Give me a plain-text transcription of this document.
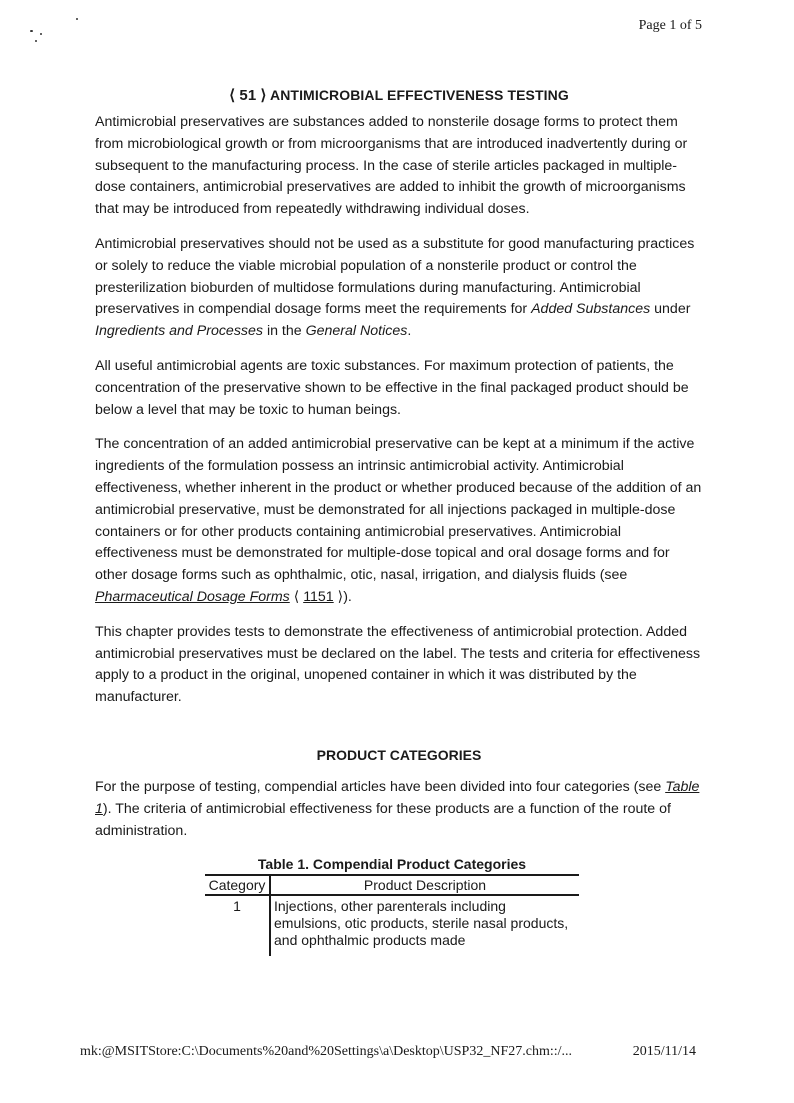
Page 1 of 5
⟨ 51 ⟩ ANTIMICROBIAL EFFECTIVENESS TESTING

Antimicrobial preservatives are substances added to nonsterile dosage forms to protect them from microbiological growth or from microorganisms that are introduced inadvertently during or subsequent to the manufacturing process. In the case of sterile articles packaged in multiple-dose containers, antimicrobial preservatives are added to inhibit the growth of microorganisms that may be introduced from repeatedly withdrawing individual doses.

Antimicrobial preservatives should not be used as a substitute for good manufacturing practices or solely to reduce the viable microbial population of a nonsterile product or control the presterilization bioburden of multidose formulations during manufacturing. Antimicrobial preservatives in compendial dosage forms meet the requirements for Added Substances under Ingredients and Processes in the General Notices.

All useful antimicrobial agents are toxic substances. For maximum protection of patients, the concentration of the preservative shown to be effective in the final packaged product should be below a level that may be toxic to human beings.

The concentration of an added antimicrobial preservative can be kept at a minimum if the active ingredients of the formulation possess an intrinsic antimicrobial activity. Antimicrobial effectiveness, whether inherent in the product or whether produced because of the addition of an antimicrobial preservative, must be demonstrated for all injections packaged in multiple-dose containers or for other products containing antimicrobial preservatives. Antimicrobial effectiveness must be demonstrated for multiple-dose topical and oral dosage forms and for other dosage forms such as ophthalmic, otic, nasal, irrigation, and dialysis fluids (see Pharmaceutical Dosage Forms ⟨ 1151 ⟩).

This chapter provides tests to demonstrate the effectiveness of antimicrobial protection. Added antimicrobial preservatives must be declared on the label. The tests and criteria for effectiveness apply to a product in the original, unopened container in which it was distributed by the manufacturer.

PRODUCT CATEGORIES

For the purpose of testing, compendial articles have been divided into four categories (see Table 1). The criteria of antimicrobial effectiveness for these products are a function of the route of administration.

Table 1. Compendial Product Categories
Category	Product Description
1	Injections, other parenterals including emulsions, otic products, sterile nasal products, and ophthalmic products made
mk:@MSITStore:C:\Documents%20and%20Settings\a\Desktop\USP32_NF27.chm::/...	2015/11/14
